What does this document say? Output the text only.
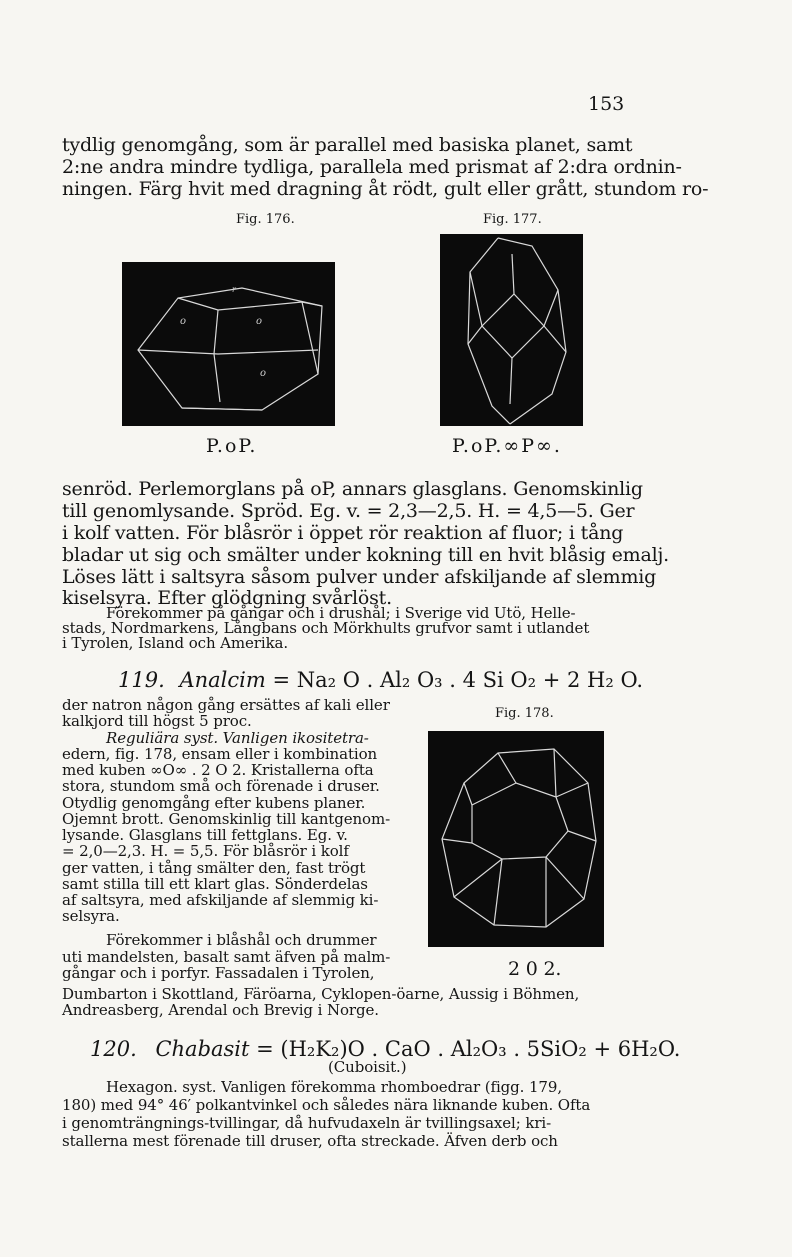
153
tydlig genomgång, som är parallel med basiska planet, samt
2:ne andra mindre tydliga, parallela med prismat af 2:dra ordnin-
ningen. Färg hvit med dragning åt rödt, gult eller grått, stundom ro-
Fig. 176.	Fig. 177.
o	o
o
r
P.oP.	P.oP.∞P∞.
senröd. Perlemorglans på oP, annars glasglans. Genomskinlig
till genomlysande. Spröd. Eg. v. = 2,3—2,5. H. = 4,5—5. Ger
i kolf vatten. För blåsrör i öppet rör reaktion af fluor; i tång
bladar ut sig och smälter under kokning till en hvit blåsig emalj.
Löses lätt i saltsyra såsom pulver under afskiljande af slemmig
kiselsyra. Efter glödgning svårlöst.
Förekommer på gångar och i drushål; i Sverige vid Utö, Helle-
stads, Nordmarkens, Långbans och Mörkhults grufvor samt i utlandet
i Tyrolen, Island och Amerika.
119. Analcim = Na₂ O . Al₂ O₃ . 4 Si O₂ + 2 H₂ O.
Fig. 178.
2 0 2.
der natron någon gång ersättes af kali eller
kalkjord till högst 5 proc.
Reguliära syst. Vanligen ikositetra-
edern, fig. 178, ensam eller i kombination
med kuben ∞O∞ . 2 O 2. Kristallerna ofta
stora, stundom små och förenade i druser.
Otydlig genomgång efter kubens planer.
Ojemnt brott. Genomskinlig till kantgenom-
lysande. Glasglans till fettglans. Eg. v.
= 2,0—2,3. H. = 5,5. För blåsrör i kolf
ger vatten, i tång smälter den, fast trögt
samt stilla till ett klart glas. Sönderdelas
af saltsyra, med afskiljande af slemmig ki-
selsyra.
Förekommer i blåshål och drummer
uti mandelsten, basalt samt äfven på malm-
gångar och i porfyr. Fassadalen i Tyrolen,
Dumbarton i Skottland, Färöarna, Cyklopen-öarne, Aussig i Böhmen,
Andreasberg, Arendal och Brevig i Norge.
120. Chabasit = (H₂K₂)O . CaO . Al₂O₃ . 5SiO₂ + 6H₂O.
(Cuboisit.)
Hexagon. syst. Vanligen förekomma rhomboedrar (figg. 179,
180) med 94° 46′ polkantvinkel och således nära liknande kuben. Ofta
i genomträngnings-tvillingar, då hufvudaxeln är tvillingsaxel; kri-
stallerna mest förenade till druser, ofta streckade. Äfven derb och
